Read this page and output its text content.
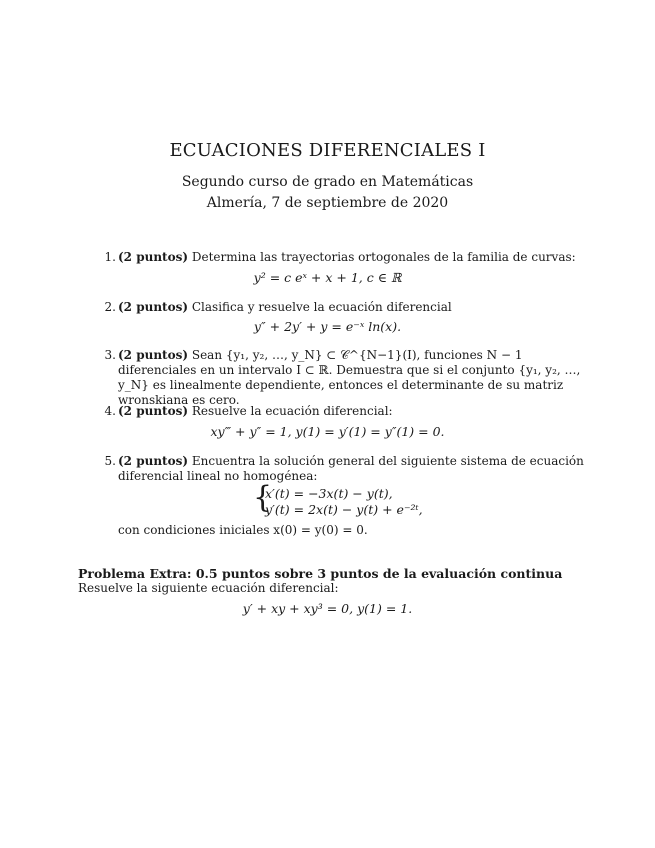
ECUACIONES DIFERENCIALES I
Segundo curso de grado en Matemáticas
Almería, 7 de septiembre de 2020
1. (2 puntos) Determina las trayectorias ortogonales de la familia de curvas:
y² = c eˣ + x + 1, c ∈ ℝ
2. (2 puntos) Clasifica y resuelve la ecuación diferencial
y″ + 2y′ + y = e⁻ˣ ln(x).
3. (2 puntos) Sean {y₁, y₂, …, y_N} ⊂ 𝒞^{N−1}(I), funciones N − 1 diferenciales en un intervalo I ⊂ ℝ. Demuestra que si el conjunto {y₁, y₂, …, y_N} es linealmente dependiente, entonces el determinante de su matriz wronskiana es cero.
4. (2 puntos) Resuelve la ecuación diferencial:
xy‴ + y″ = 1, y(1) = y′(1) = y″(1) = 0.
5. (2 puntos) Encuentra la solución general del siguiente sistema de ecuación diferencial lineal no homogénea:
{
x′(t) = −3x(t) − y(t),
y′(t) = 2x(t) − y(t) + e⁻²ᵗ,
con condiciones iniciales x(0) = y(0) = 0.
Problema Extra: 0.5 puntos sobre 3 puntos de la evaluación continua
Resuelve la siguiente ecuación diferencial:
y′ + xy + xy³ = 0, y(1) = 1.
